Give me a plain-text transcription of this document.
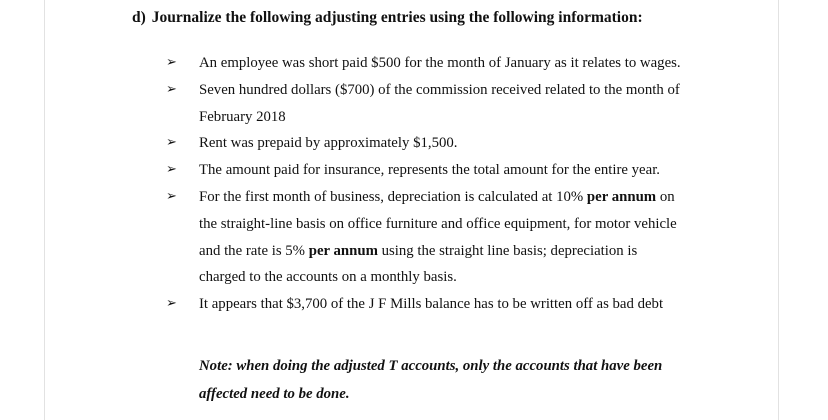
d) Journalize the following adjusting entries using the following information:
➢ An employee was short paid $500 for the month of January as it relates to wages.
➢ Seven hundred dollars ($700) of the commission received related to the month of
February 2018
➢ Rent was prepaid by approximately $1,500.
➢ The amount paid for insurance, represents the total amount for the entire year.
➢ For the first month of business, depreciation is calculated at 10% per annum on
the straight-line basis on office furniture and office equipment, for motor vehicle
and the rate is 5% per annum using the straight line basis; depreciation is
charged to the accounts on a monthly basis.
➢ It appears that $3,700 of the J F Mills balance has to be written off as bad debt
Note: when doing the adjusted T accounts, only the accounts that have been
affected need to be done.
